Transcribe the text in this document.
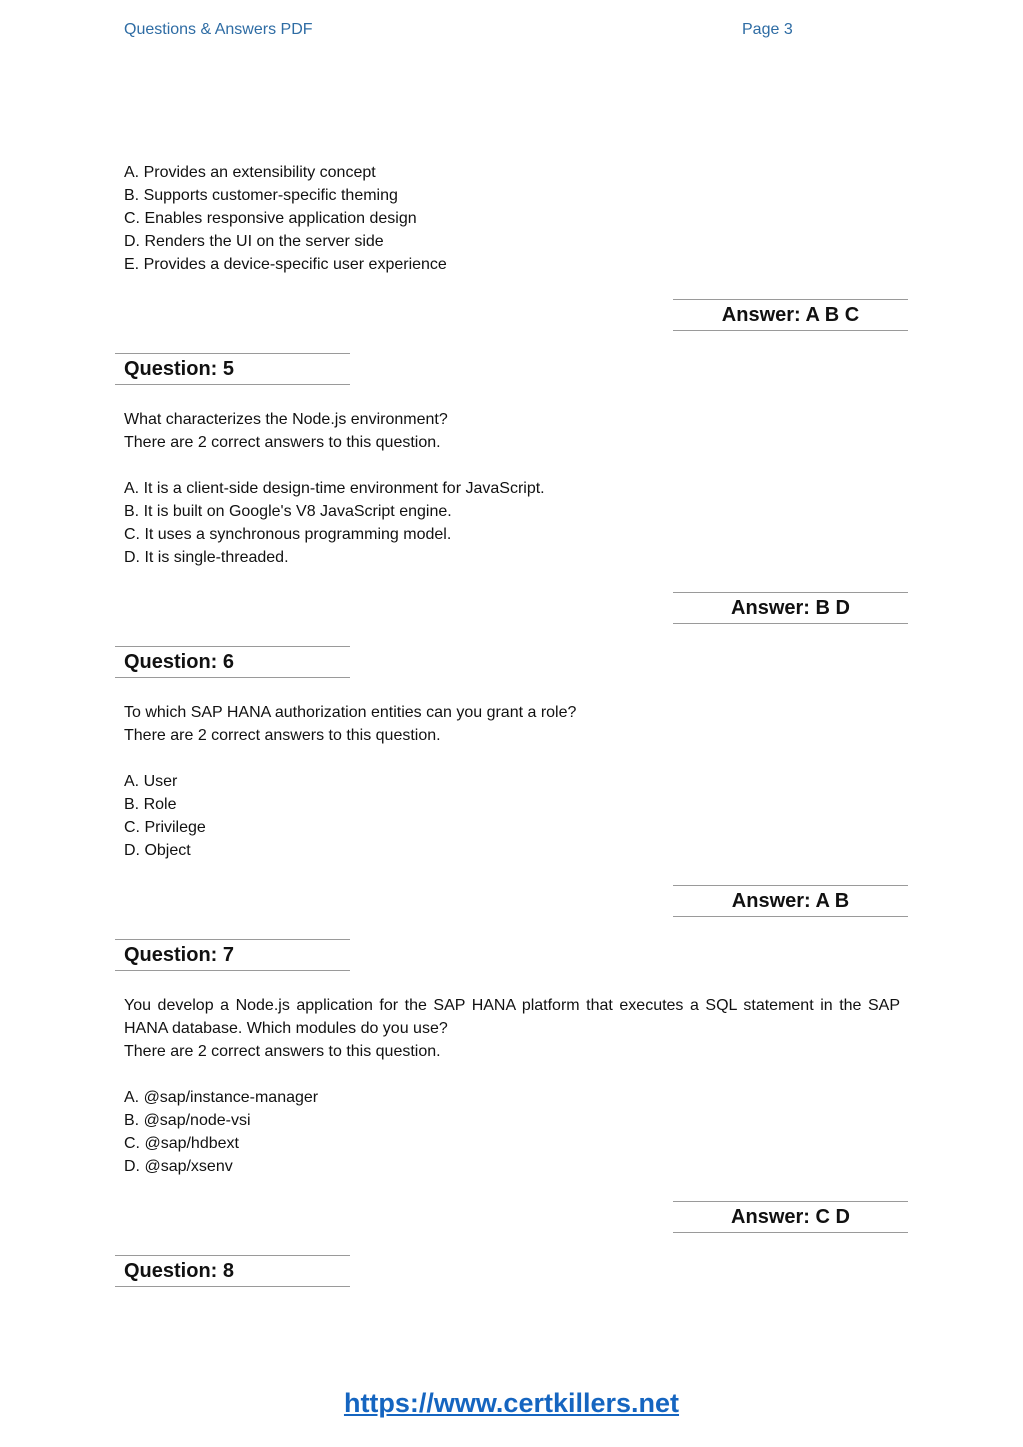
Questions & Answers PDF	Page 3
A. Provides an extensibility concept
B. Supports customer-specific theming
C. Enables responsive application design
D. Renders the UI on the server side
E. Provides a device-specific user experience
Answer: A B C
Question: 5
What characterizes the Node.js environment?
There are 2 correct answers to this question.
A. It is a client-side design-time environment for JavaScript.
B. It is built on Google's V8 JavaScript engine.
C. It uses a synchronous programming model.
D. It is single-threaded.
Answer: B D
Question: 6
To which SAP HANA authorization entities can you grant a role?
There are 2 correct answers to this question.
A. User
B. Role
C. Privilege
D. Object
Answer: A B
Question: 7
You develop a Node.js application for the SAP HANA platform that executes a SQL statement in the SAP HANA database. Which modules do you use?
There are 2 correct answers to this question.
A. @sap/instance-manager
B. @sap/node-vsi
C. @sap/hdbext
D. @sap/xsenv
Answer: C D
Question: 8
https://www.certkillers.net
